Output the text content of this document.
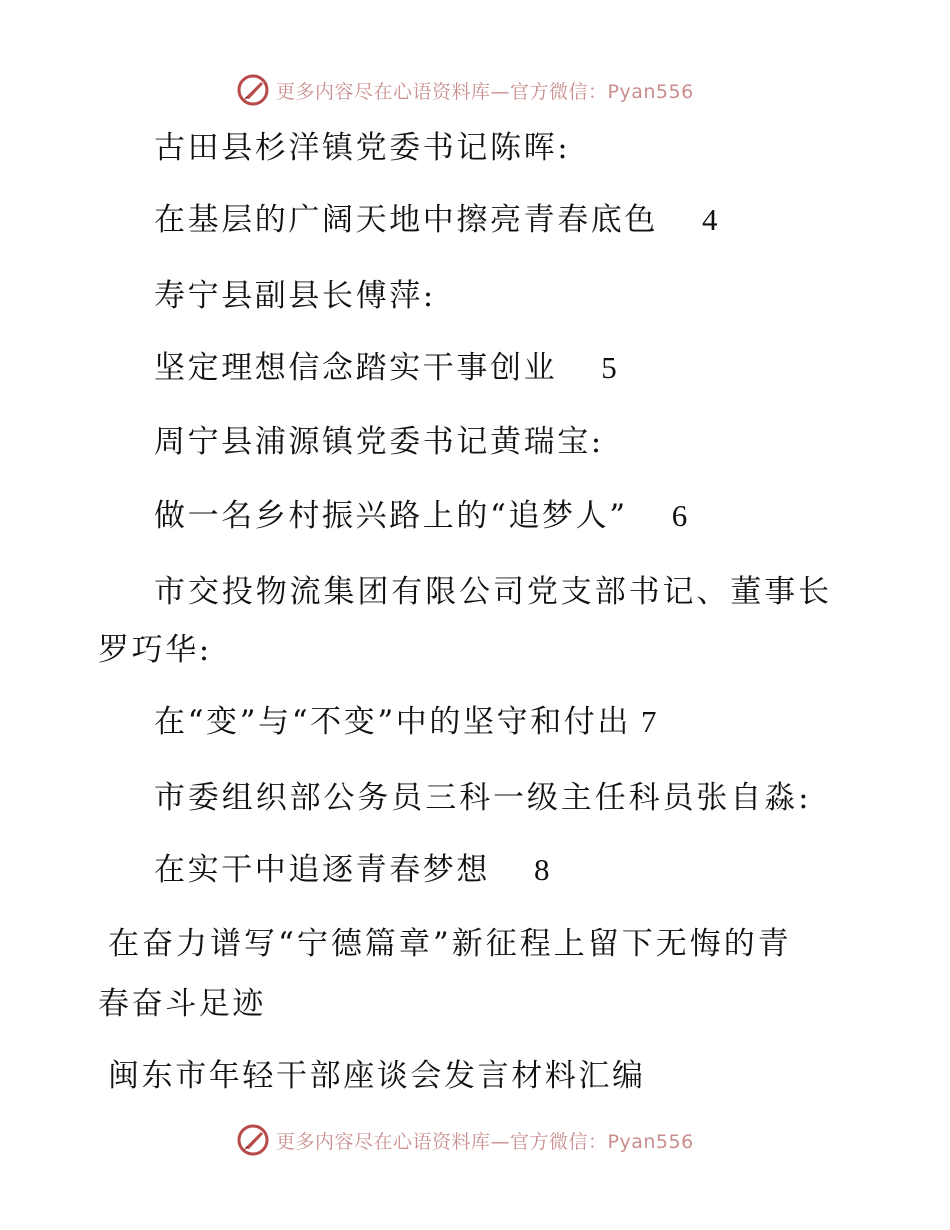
更多内容尽在心语资料库—官方微信：Pyan556
古田县杉洋镇党委书记陈晖:
在基层的广阔天地中擦亮青春底色 4
寿宁县副县长傅萍:
坚定理想信念踏实干事创业 5
周宁县浦源镇党委书记黄瑞宝:
做一名乡村振兴路上的“追梦人” 6
市交投物流集团有限公司党支部书记、董事长
罗巧华:
在“变”与“不变”中的坚守和付出 7
市委组织部公务员三科一级主任科员张自淼:
在实干中追逐青春梦想 8
在奋力谱写“宁德篇章”新征程上留下无悔的青
春奋斗足迹
闽东市年轻干部座谈会发言材料汇编
更多内容尽在心语资料库—官方微信：Pyan556
